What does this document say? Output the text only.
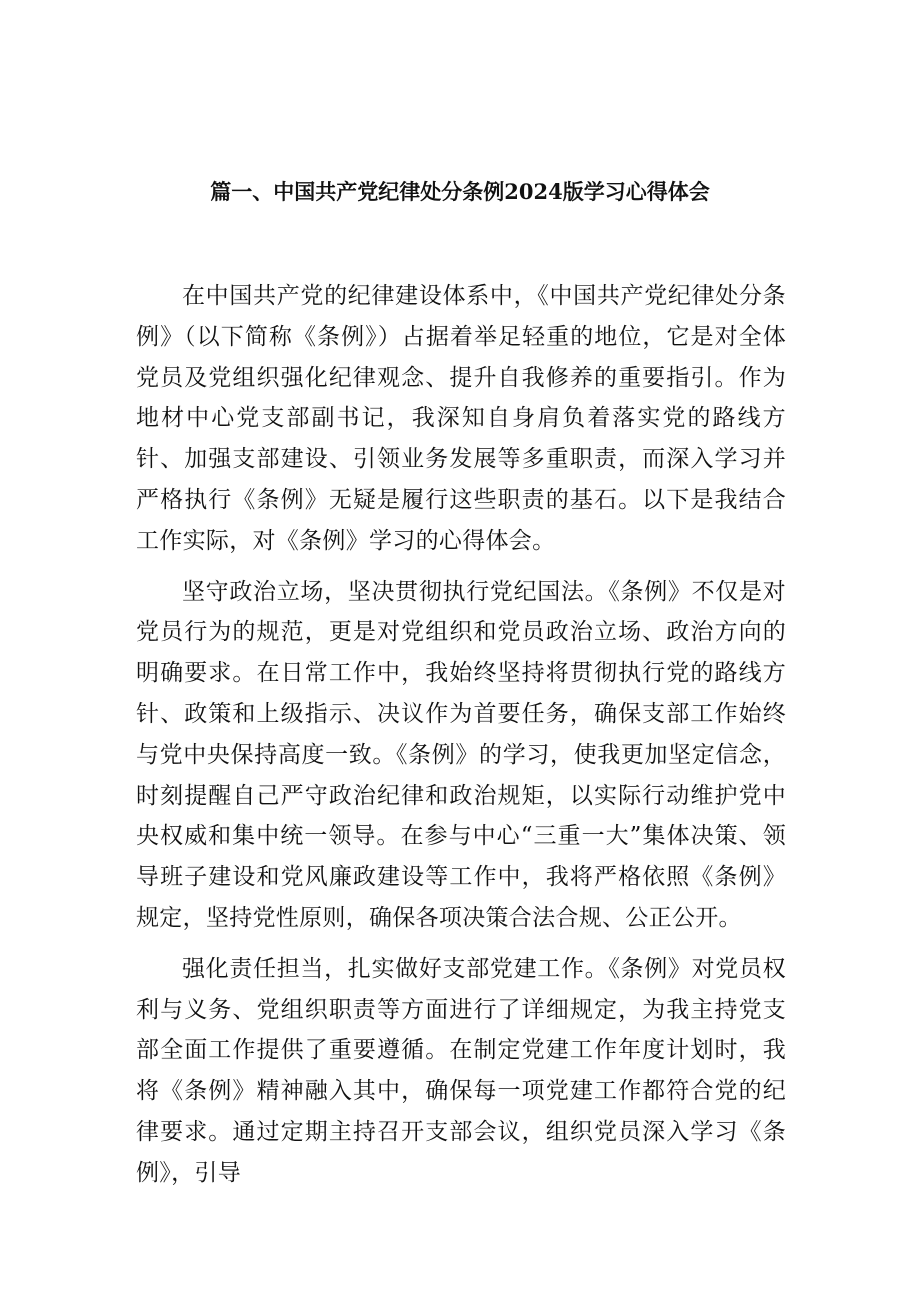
篇一、中国共产党纪律处分条例2024版学习心得体会

在中国共产党的纪律建设体系中，《中国共产党纪律处分条例》（以下简称《条例》）占据着举足轻重的地位，它是对全体党员及党组织强化纪律观念、提升自我修养的重要指引。作为地材中心党支部副书记，我深知自身肩负着落实党的路线方针、加强支部建设、引领业务发展等多重职责，而深入学习并严格执行《条例》无疑是履行这些职责的基石。以下是我结合工作实际，对《条例》学习的心得体会。

坚守政治立场，坚决贯彻执行党纪国法。《条例》不仅是对党员行为的规范，更是对党组织和党员政治立场、政治方向的明确要求。在日常工作中，我始终坚持将贯彻执行党的路线方针、政策和上级指示、决议作为首要任务，确保支部工作始终与党中央保持高度一致。《条例》的学习，使我更加坚定信念，时刻提醒自己严守政治纪律和政治规矩，以实际行动维护党中央权威和集中统一领导。在参与中心“三重一大”集体决策、领导班子建设和党风廉政建设等工作中，我将严格依照《条例》规定，坚持党性原则，确保各项决策合法合规、公正公开。

强化责任担当，扎实做好支部党建工作。《条例》对党员权利与义务、党组织职责等方面进行了详细规定，为我主持党支部全面工作提供了重要遵循。在制定党建工作年度计划时，我将《条例》精神融入其中，确保每一项党建工作都符合党的纪律要求。通过定期主持召开支部会议，组织党员深入学习《条例》，引导
